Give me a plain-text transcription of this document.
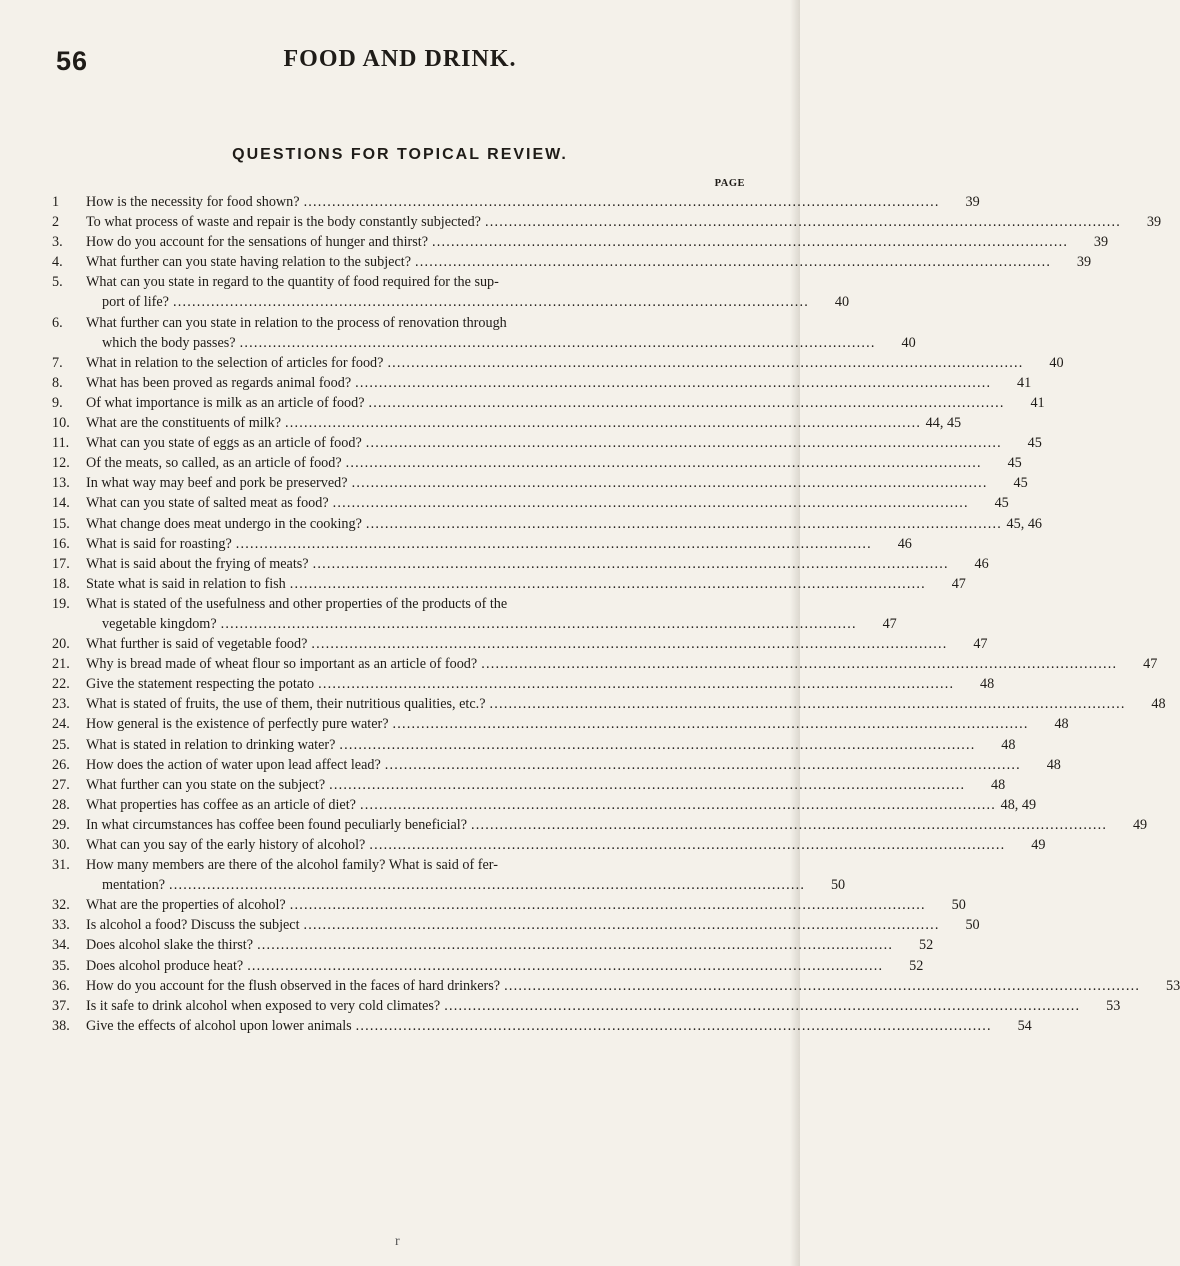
56	FOOD AND DRINK.
QUESTIONS FOR TOPICAL REVIEW.
PAGE
1	How is the necessity for food shown? .....	39
2	To what process of waste and repair is the body constantly subjected? .....	39
3.	How do you account for the sensations of hunger and thirst? .....	39
4.	What further can you state having relation to the subject? .....	39
5.	What can you state in regard to the quantity of food required for the sup-
port of life? .....	40
6.	What further can you state in relation to the process of renovation through
which the body passes? .....	40
7.	What in relation to the selection of articles for food? .....	40
8.	What has been proved as regards animal food? .....	41
9.	Of what importance is milk as an article of food? .....	41
10.	What are the constituents of milk? .....	44, 45
11.	What can you state of eggs as an article of food? .....	45
12.	Of the meats, so called, as an article of food? .....	45
13.	In what way may beef and pork be preserved? .....	45
14.	What can you state of salted meat as food? .....	45
15.	What change does meat undergo in the cooking? .....	45, 46
16.	What is said for roasting? .....	46
17.	What is said about the frying of meats? .....	46
18.	State what is said in relation to fish .....	47
19.	What is stated of the usefulness and other properties of the products of the
vegetable kingdom? .....	47
20.	What further is said of vegetable food? .....	47
21.	Why is bread made of wheat flour so important as an article of food? .....	47
22.	Give the statement respecting the potato .....	48
23.	What is stated of fruits, the use of them, their nutritious qualities, etc.? .....	48
24.	How general is the existence of perfectly pure water? .....	48
25.	What is stated in relation to drinking water? .....	48
26.	How does the action of water upon lead affect lead? .....	48
27.	What further can you state on the subject? .....	48
28.	What properties has coffee as an article of diet? .....	48, 49
29.	In what circumstances has coffee been found peculiarly beneficial? .....	49
30.	What can you say of the early history of alcohol? .....	49
31.	How many members are there of the alcohol family? What is said of fer-
mentation? .....	50
32.	What are the properties of alcohol? .....	50
33.	Is alcohol a food? Discuss the subject .....	50
34.	Does alcohol slake the thirst? .....	52
35.	Does alcohol produce heat? .....	52
36.	How do you account for the flush observed in the faces of hard drinkers? .....	53
37.	Is it safe to drink alcohol when exposed to very cold climates? .....	53
38.	Give the effects of alcohol upon lower animals .....	54
r
